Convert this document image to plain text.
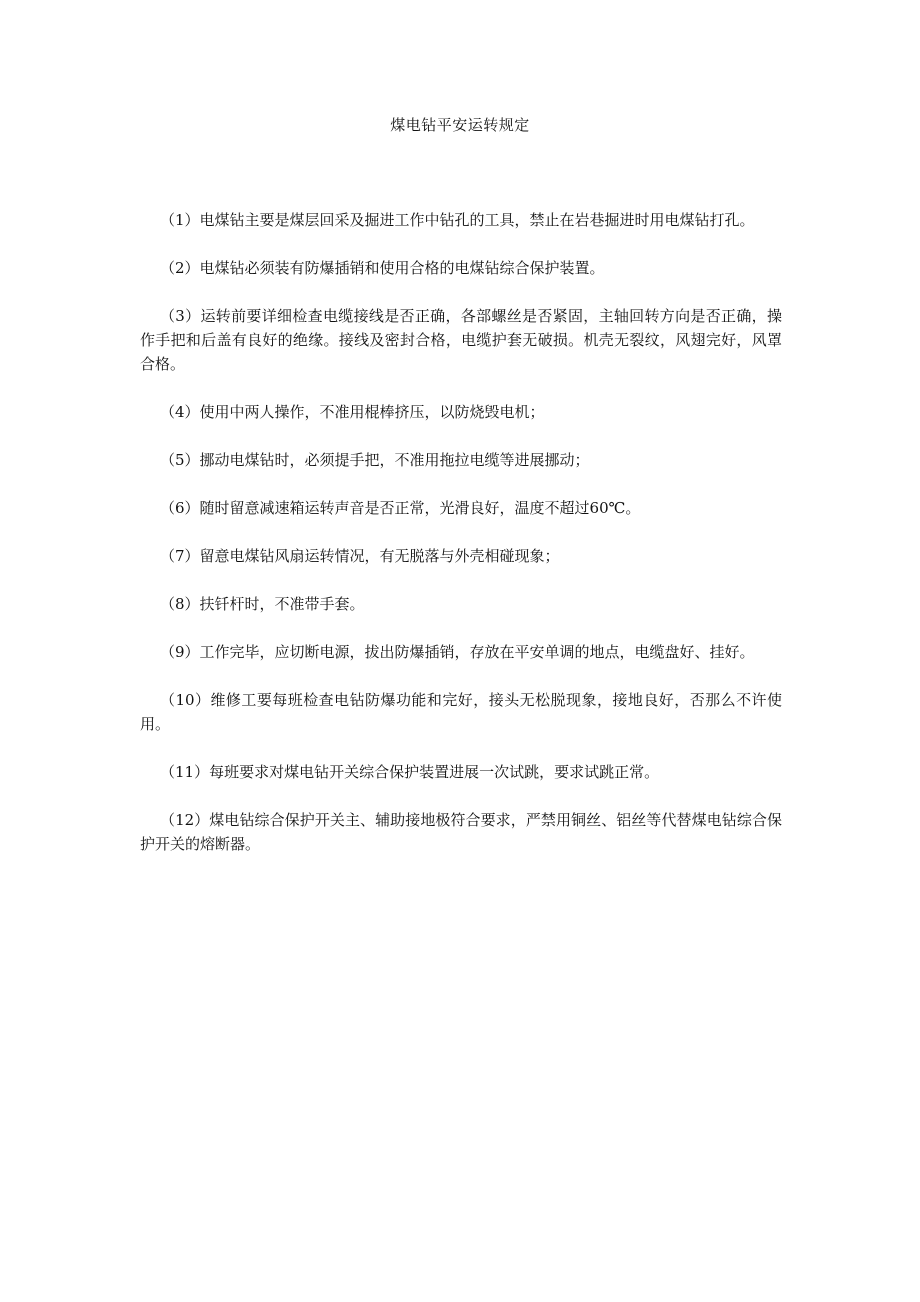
煤电钻平安运转规定

（1）电煤钻主要是煤层回采及掘进工作中钻孔的工具，禁止在岩巷掘进时用电煤钻打孔。

（2）电煤钻必须装有防爆插销和使用合格的电煤钻综合保护装置。

（3）运转前要详细检查电缆接线是否正确，各部螺丝是否紧固，主轴回转方向是否正确，操作手把和后盖有良好的绝缘。接线及密封合格，电缆护套无破损。机壳无裂纹，风翅完好，风罩合格。

（4）使用中两人操作，不准用棍棒挤压，以防烧毁电机；

（5）挪动电煤钻时，必须提手把，不准用拖拉电缆等进展挪动；

（6）随时留意减速箱运转声音是否正常，光滑良好，温度不超过60℃。

（7）留意电煤钻风扇运转情况，有无脱落与外壳相碰现象；

（8）扶钎杆时，不准带手套。

（9）工作完毕，应切断电源，拔出防爆插销，存放在平安单调的地点，电缆盘好、挂好。

（10）维修工要每班检查电钻防爆功能和完好，接头无松脱现象，接地良好，否那么不许使用。

（11）每班要求对煤电钻开关综合保护装置进展一次试跳，要求试跳正常。

（12）煤电钻综合保护开关主、辅助接地极符合要求，严禁用铜丝、铝丝等代替煤电钻综合保护开关的熔断器。
